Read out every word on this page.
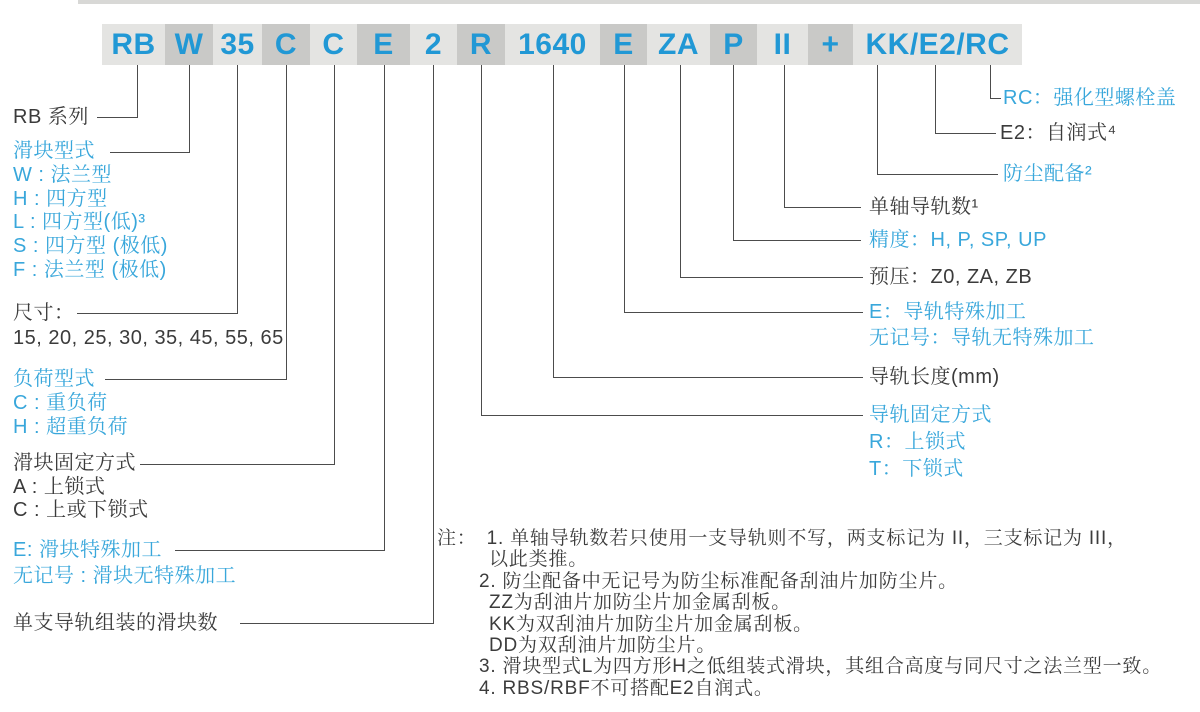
RB W 35 C C E	2 R 1640 E ZA P II	+ KK/E2/RC
RB 系列
滑块型式
W : 法兰型
H : 四方型
L : 四方型(低)³
S : 四方型 (极低)
F : 法兰型 (极低)
尺寸：
15, 20, 25, 30, 35, 45, 55, 65
负荷型式
C : 重负荷
H : 超重负荷
滑块固定方式
A : 上锁式
C : 上或下锁式
E: 滑块特殊加工
无记号 : 滑块无特殊加工
单支导轨组装的滑块数
RC：强化型螺栓盖
E2：自润式⁴
防尘配备²
单轴导轨数¹
精度：H, P, SP, UP
预压：Z0, ZA, ZB
E：导轨特殊加工
无记号：导轨无特殊加工
导轨长度(mm)
导轨固定方式
R：上锁式
T：下锁式
注： 1. 单轴导轨数若只使用一支导轨则不写，两支标记为 II，三支标记为 III，
以此类推。
2. 防尘配备中无记号为防尘标准配备刮油片加防尘片。
ZZ为刮油片加防尘片加金属刮板。
KK为双刮油片加防尘片加金属刮板。
DD为双刮油片加防尘片。
3. 滑块型式L为四方形H之低组装式滑块，其组合高度与同尺寸之法兰型一致。
4. RBS/RBF不可搭配E2自润式。
